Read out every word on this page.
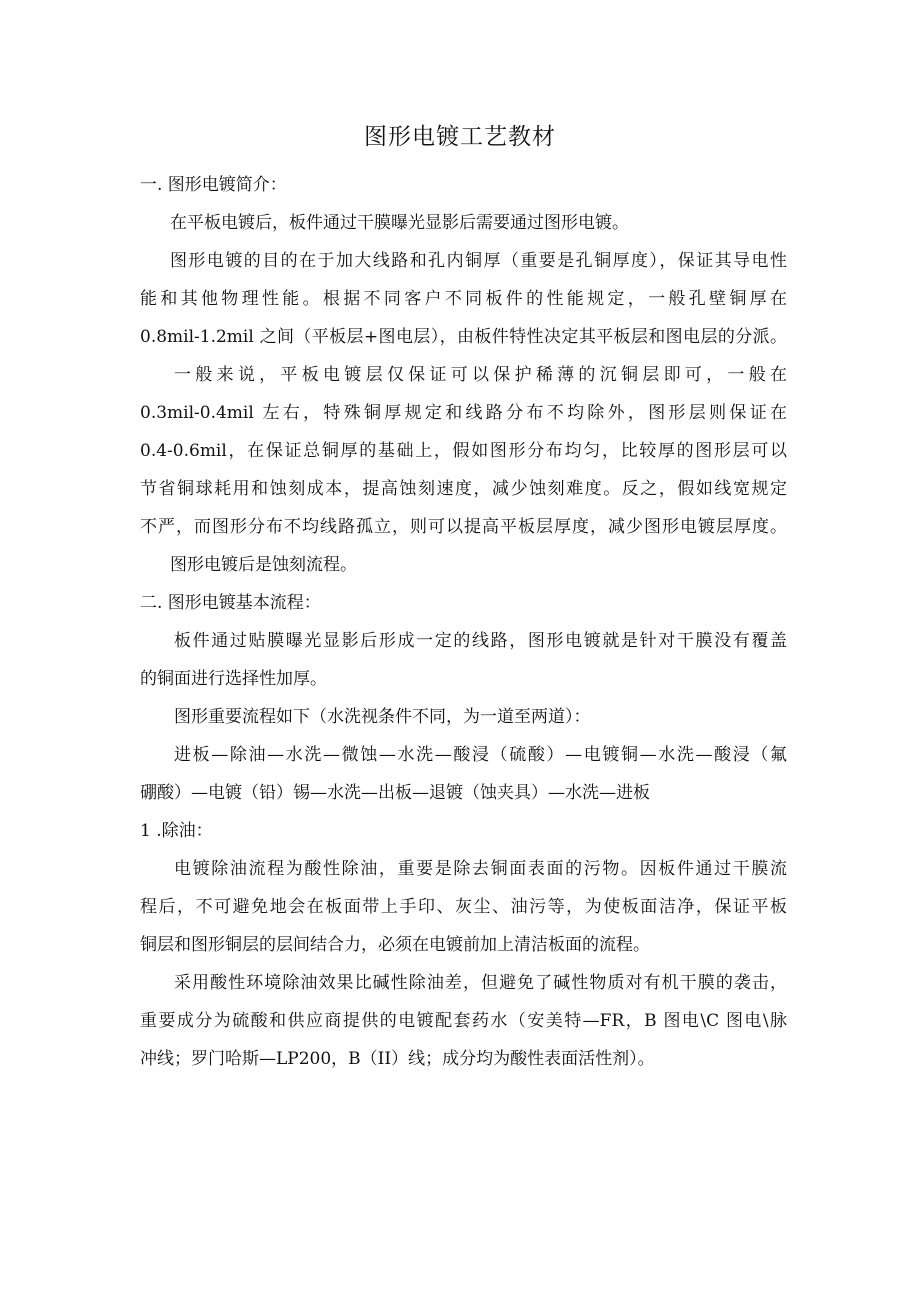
图形电镀工艺教材
一. 图形电镀简介：
在平板电镀后，板件通过干膜曝光显影后需要通过图形电镀。
图形电镀的目的在于加大线路和孔内铜厚（重要是孔铜厚度），保证其导电性
能和其他物理性能。根据不同客户不同板件的性能规定，一般孔壁铜厚在
0.8mil-1.2mil 之间（平板层+图电层），由板件特性决定其平板层和图电层的分派。
一般来说，平板电镀层仅保证可以保护稀薄的沉铜层即可，一般在
0.3mil-0.4mil 左右，特殊铜厚规定和线路分布不均除外，图形层则保证在
0.4-0.6mil，在保证总铜厚的基础上，假如图形分布均匀，比较厚的图形层可以
节省铜球耗用和蚀刻成本，提高蚀刻速度，减少蚀刻难度。反之，假如线宽规定
不严，而图形分布不均线路孤立，则可以提高平板层厚度，减少图形电镀层厚度。
图形电镀后是蚀刻流程。
二. 图形电镀基本流程：
板件通过贴膜曝光显影后形成一定的线路，图形电镀就是针对干膜没有覆盖
的铜面进行选择性加厚。
图形重要流程如下（水洗视条件不同，为一道至两道）：
进板—除油—水洗—微蚀—水洗—酸浸（硫酸）—电镀铜—水洗—酸浸（氟
硼酸）—电镀（铅）锡—水洗—出板—退镀（蚀夹具）—水洗—进板
1 .除油：
电镀除油流程为酸性除油，重要是除去铜面表面的污物。因板件通过干膜流
程后，不可避免地会在板面带上手印、灰尘、油污等，为使板面洁净，保证平板
铜层和图形铜层的层间结合力，必须在电镀前加上清洁板面的流程。
采用酸性环境除油效果比碱性除油差，但避免了碱性物质对有机干膜的袭击，
重要成分为硫酸和供应商提供的电镀配套药水（安美特—FR，B 图电\C 图电\脉
冲线；罗门哈斯—LP200，B（II）线；成分均为酸性表面活性剂）。
